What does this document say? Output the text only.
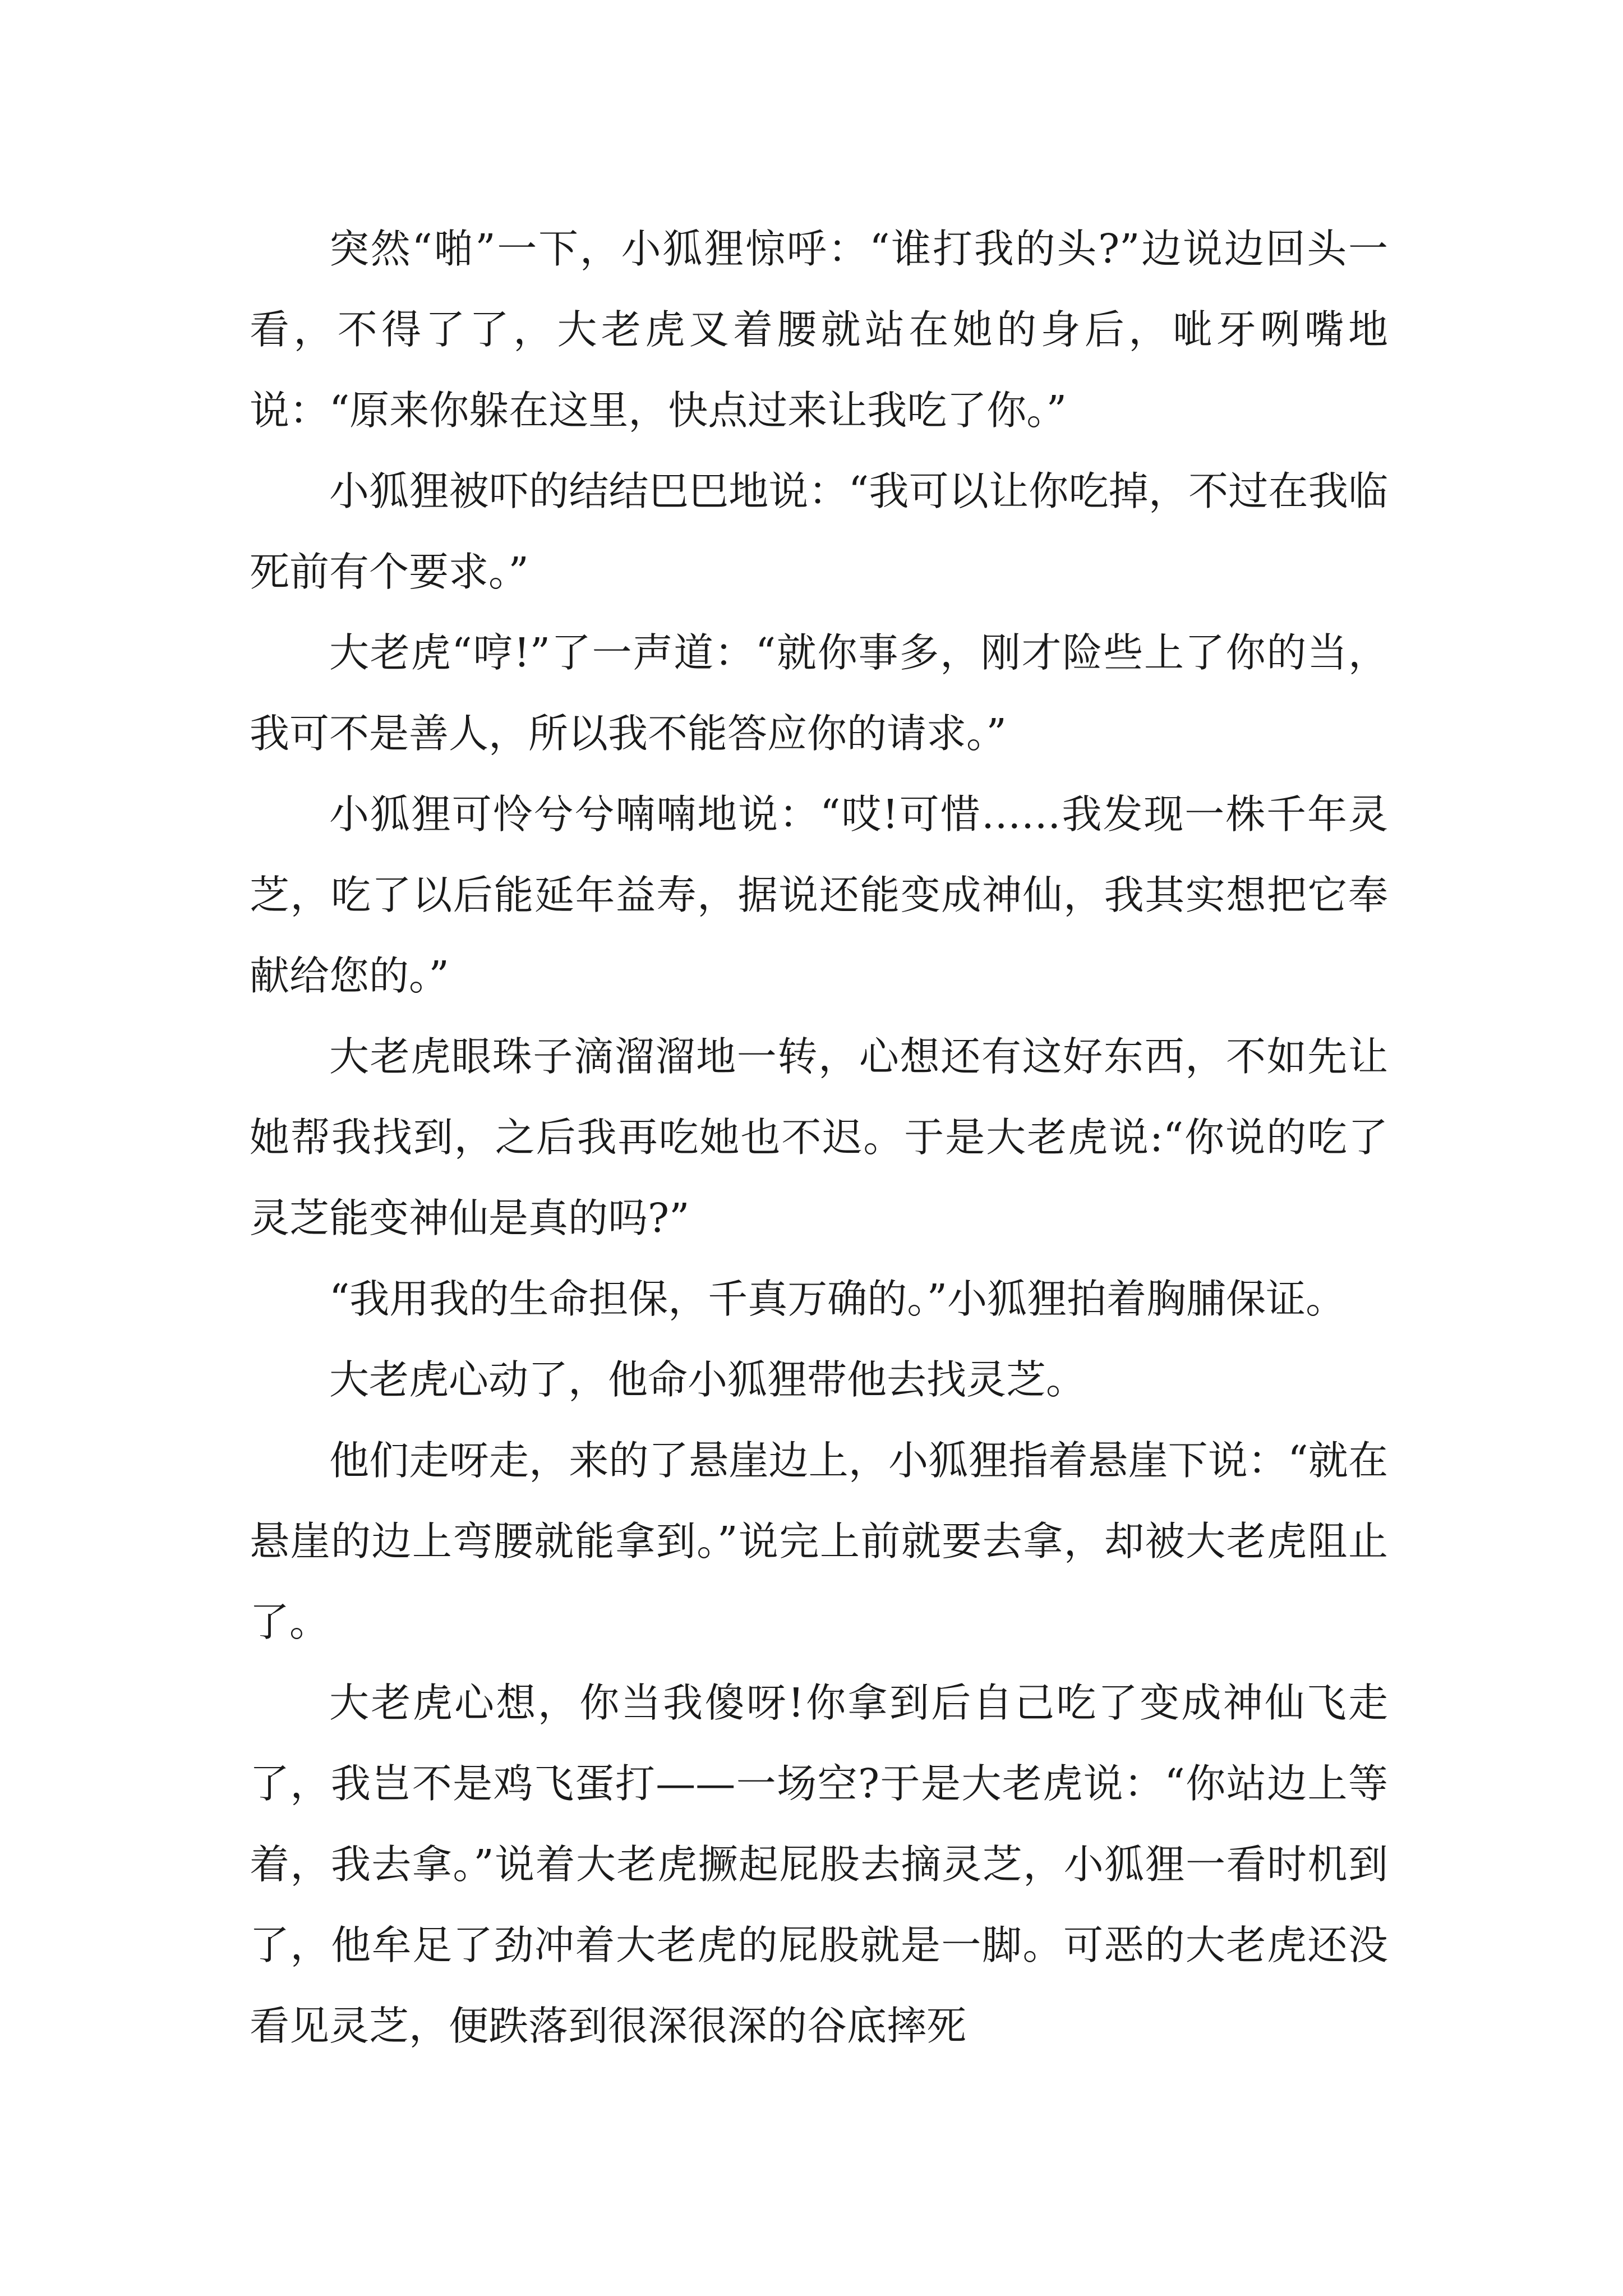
突然“啪”一下，小狐狸惊呼：“谁打我的头?”边说边回头一看，不得了了，大老虎叉着腰就站在她的身后，呲牙咧嘴地说：“原来你躲在这里，快点过来让我吃了你。”

小狐狸被吓的结结巴巴地说：“我可以让你吃掉，不过在我临死前有个要求。”

大老虎“哼!”了一声道：“就你事多，刚才险些上了你的当，我可不是善人，所以我不能答应你的请求。”

小狐狸可怜兮兮喃喃地说：“哎!可惜……我发现一株千年灵芝，吃了以后能延年益寿，据说还能变成神仙，我其实想把它奉献给您的。”

大老虎眼珠子滴溜溜地一转，心想还有这好东西，不如先让她帮我找到，之后我再吃她也不迟。于是大老虎说:“你说的吃了灵芝能变神仙是真的吗?”

“我用我的生命担保，千真万确的。”小狐狸拍着胸脯保证。

大老虎心动了，他命小狐狸带他去找灵芝。

他们走呀走，来的了悬崖边上，小狐狸指着悬崖下说：“就在悬崖的边上弯腰就能拿到。”说完上前就要去拿，却被大老虎阻止了。

大老虎心想，你当我傻呀!你拿到后自己吃了变成神仙飞走了，我岂不是鸡飞蛋打——一场空?于是大老虎说：“你站边上等着，我去拿。”说着大老虎撅起屁股去摘灵芝，小狐狸一看时机到了，他牟足了劲冲着大老虎的屁股就是一脚。可恶的大老虎还没看见灵芝，便跌落到很深很深的谷底摔死
